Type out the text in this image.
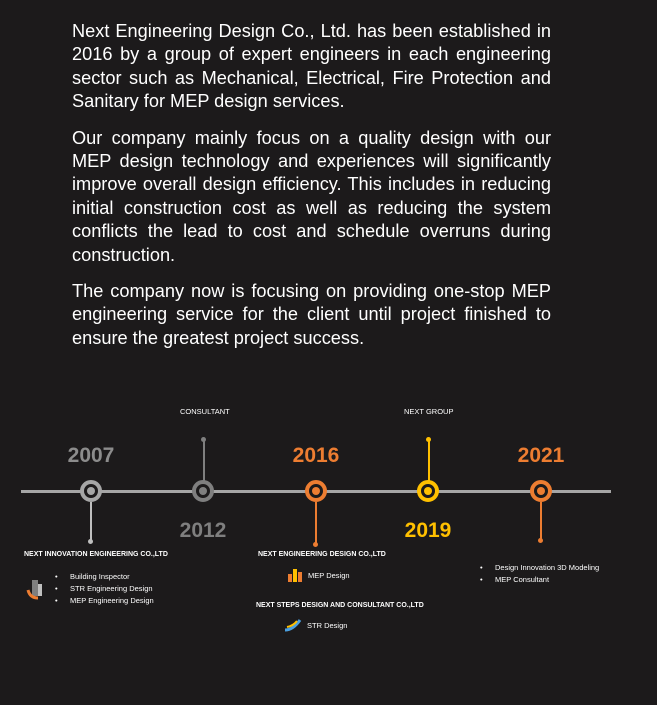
Next Engineering Design Co., Ltd. has been established in 2016 by a group of expert engineers in each engineering sector such as Mechanical, Electrical, Fire Protection and Sanitary for MEP design services.

Our company mainly focus on a quality design with our MEP design technology and experiences will significantly improve overall design efficiency. This includes in reducing initial construction cost as well as reducing the system conflicts the lead to cost and schedule overruns during construction.

The company now is focusing on providing one-stop MEP engineering service for the client until project finished to ensure the greatest project success.

2007
CONSULTANT
2012
2016
NEXT GROUP
2019
2021
NEXT INNOVATION ENGINEERING CO.,LTD
• Building Inspector
• STR Engineering Design
• MEP Engineering Design
NEXT ENGINEERING DESIGN CO.,LTD
MEP Design
NEXT STEPS DESIGN AND CONSULTANT CO.,LTD
STR Design
• Design Innovation 3D Modeling
• MEP Consultant
